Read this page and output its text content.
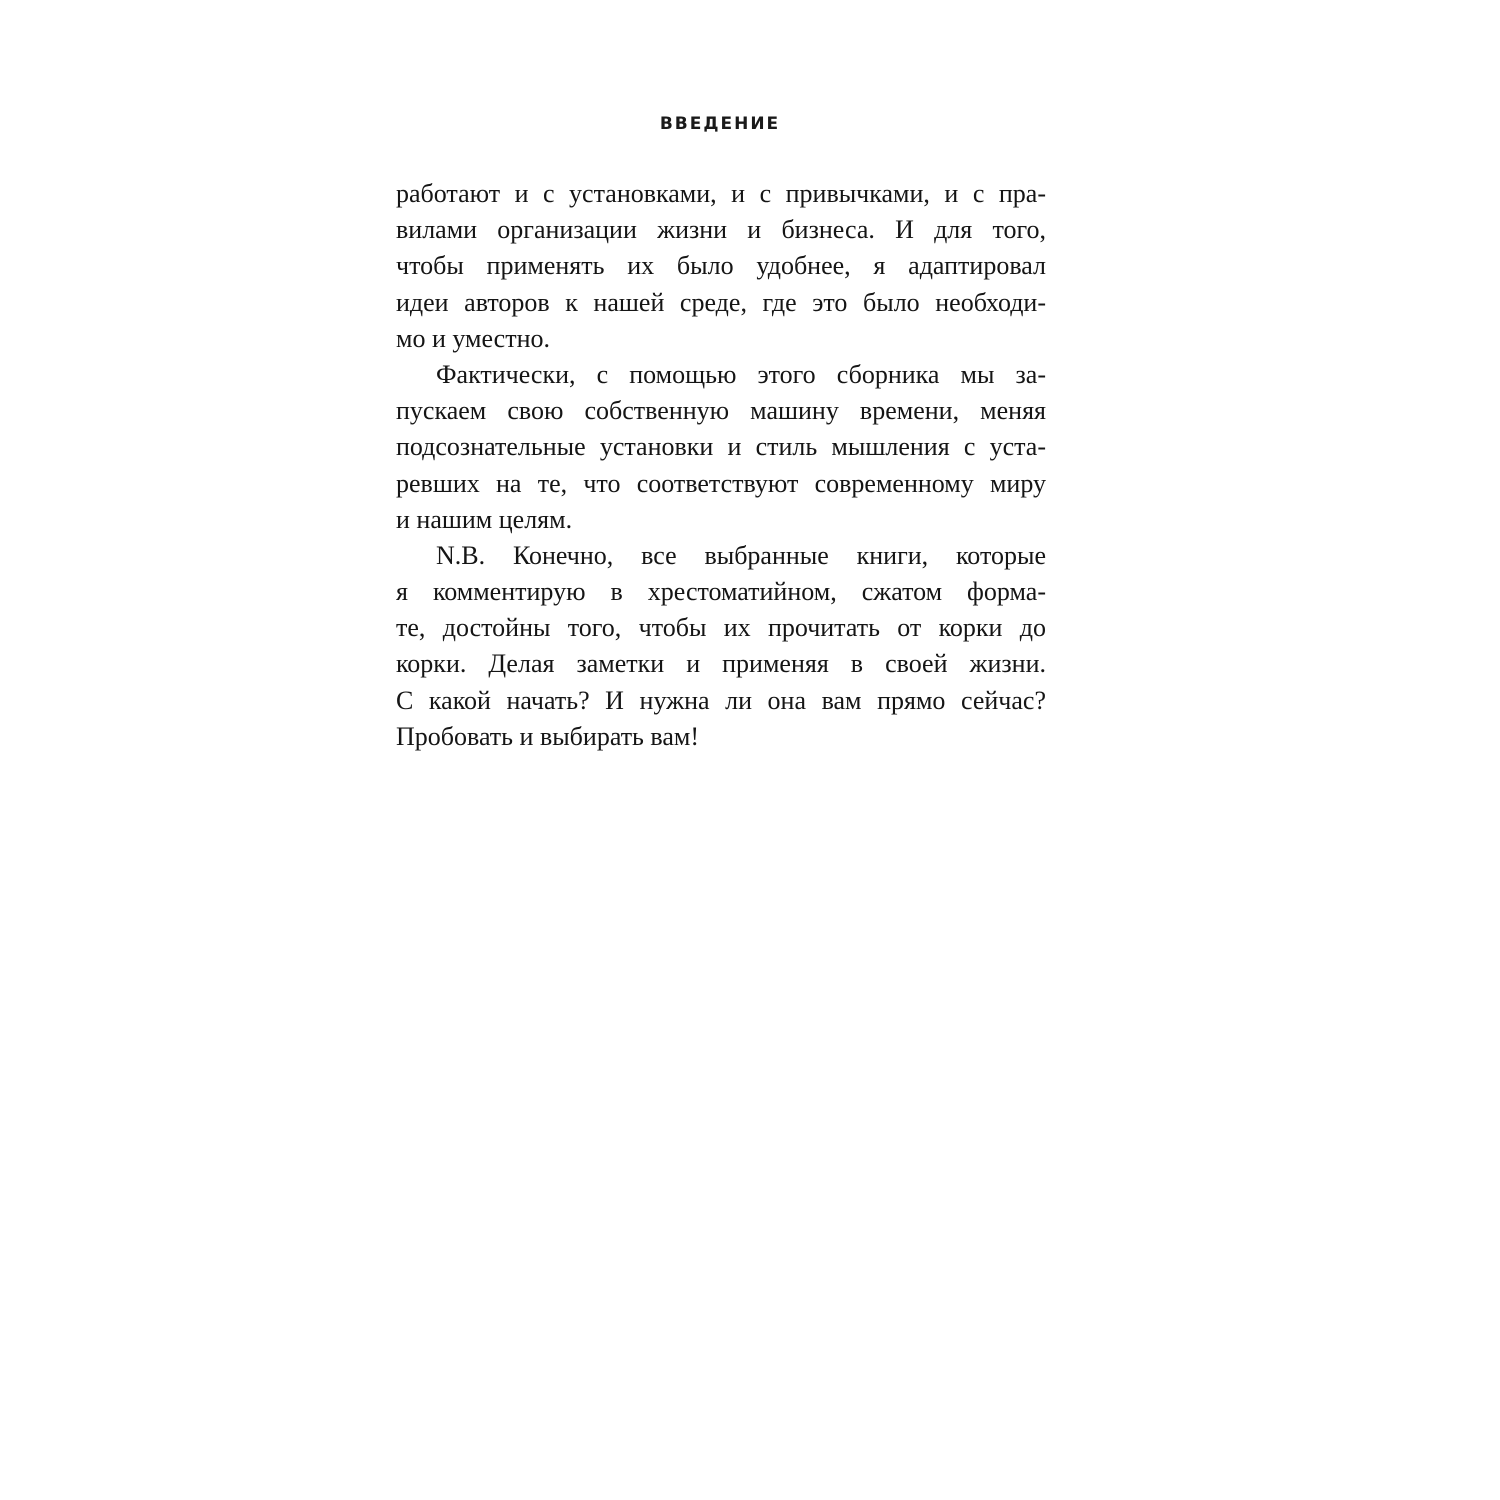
ВВЕДЕНИЕ
работают и с установками, и с привычками, и с пра-
вилами организации жизни и бизнеса. И для того,
чтобы применять их было удобнее, я адаптировал
идеи авторов к нашей среде, где это было необходи-
мо и уместно.
Фактически, с помощью этого сборника мы за-
пускаем свою собственную машину времени, меняя
подсознательные установки и стиль мышления с уста-
ревших на те, что соответствуют современному миру
и нашим целям.
N.B. Конечно, все выбранные книги, которые
я комментирую в хрестоматийном, сжатом форма-
те, достойны того, чтобы их прочитать от корки до
корки. Делая заметки и применяя в своей жизни.
С какой начать? И нужна ли она вам прямо сейчас?
Пробовать и выбирать вам!
